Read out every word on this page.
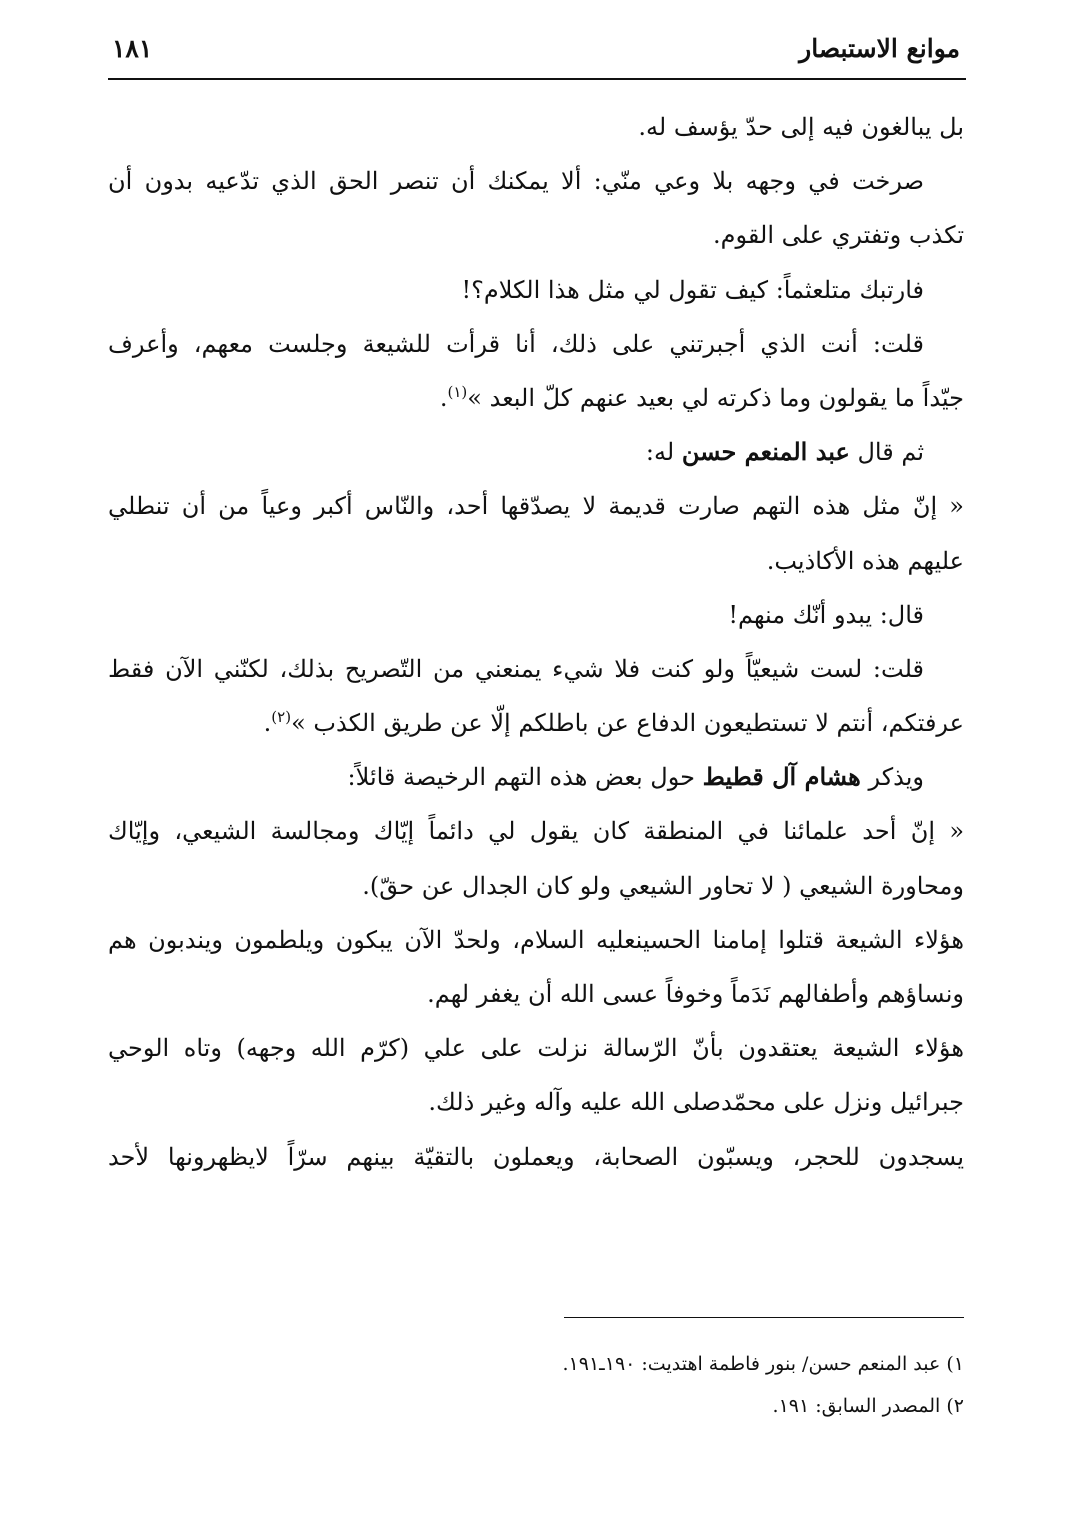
موانع الاستبصار
١٨١
بل يبالغون فيه إلى حدّ يؤسف له.
صرخت في وجهه بلا وعي منّي: ألا يمكنك أن تنصر الحق الذي تدّعيه بدون أن
تكذب وتفتري على القوم.
فارتبك متلعثماً: كيف تقول لي مثل هذا الكلام؟!
قلت: أنت الذي أجبرتني على ذلك، أنا قرأت للشيعة وجلست معهم، وأعرف
جيّداً ما يقولون وما ذكرته لي بعيد عنهم كلّ البعد »$^{(١)}$.
ثم قال عبد المنعم حسن له:
« إنّ مثل هذه التهم صارت قديمة لا يصدّقها أحد، والنّاس أكبر وعياً من أن تنطلي
عليهم هذه الأكاذيب.
قال: يبدو أنّك منهم!
قلت: لست شيعيّاً ولو كنت فلا شيء يمنعني من التّصريح بذلك، لكنّني الآن فقط
عرفتكم، أنتم لا تستطيعون الدفاع عن باطلكم إلّا عن طريق الكذب »$^{(٢)}$.
ويذكر هشام آل قطيط حول بعض هذه التهم الرخيصة قائلاً:
« إنّ أحد علمائنا في المنطقة كان يقول لي دائماً إيّاك ومجالسة الشيعي، وإيّاك
ومحاورة الشيعي ( لا تحاور الشيعي ولو كان الجدال عن حقّ).
هؤلاء الشيعة قتلوا إمامنا الحسينعليه السلام، ولحدّ الآن يبكون ويلطمون ويندبون هم
ونساؤهم وأطفالهم نَدَماً وخوفاً عسى الله أن يغفر لهم.
هؤلاء الشيعة يعتقدون بأنّ الرّسالة نزلت على علي (كرّم الله وجهه) وتاه الوحي
جبرائيل ونزل على محمّدصلى الله عليه وآله وغير ذلك.
يسجدون للحجر، ويسبّون الصحابة، ويعملون بالتقيّة بينهم سرّاً لايظهرونها لأحد
١) عبد المنعم حسن/ بنور فاطمة اهتديت: ١٩٠ـ١٩١.
٢) المصدر السابق: ١٩١.
